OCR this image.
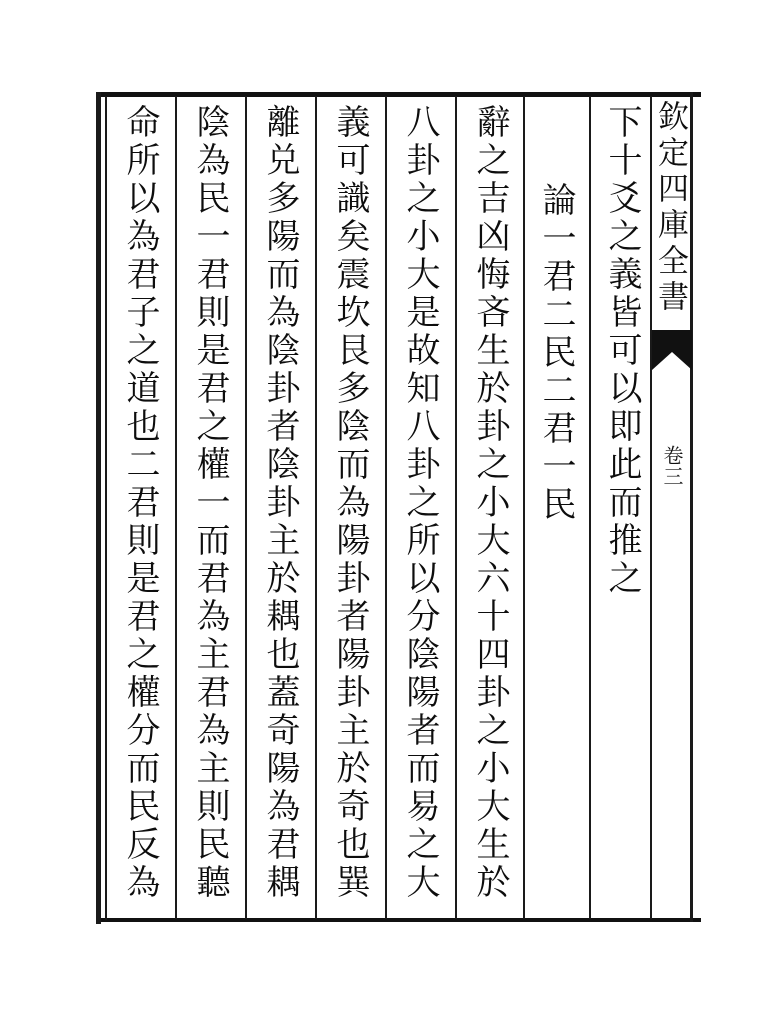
欽定四庫全書
卷三
下十爻之義皆可以即此而推之
論一君二民二君一民
辭之吉凶悔吝生於卦之小大六十四卦之小大生於
八卦之小大是故知八卦之所以分陰陽者而易之大
義可識矣震坎艮多陰而為陽卦者陽卦主於奇也巽
離兑多陽而為陰卦者陰卦主於耦也蓋奇陽為君耦
陰為民一君則是君之權一而君為主君為主則民聽
命所以為君子之道也二君則是君之權分而民反為
